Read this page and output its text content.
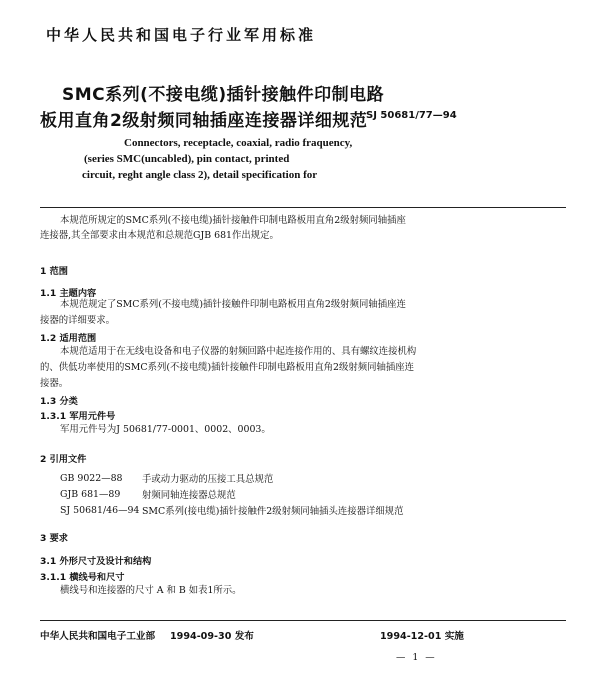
中华人民共和国电子行业军用标准
SMC系列(不接电缆)插针接触件印制电路
板用直角2级射频同轴插座连接器详细规范
SJ 50681/77—94
Connectors, receptacle, coaxial, radio fraquency,
(series SMC(uncabled), pin contact, printed
circuit, reght angle class 2), detail specification for
本规范所规定的SMC系列(不接电缆)插针接触件印制电路板用直角2级射频同轴插座
连接器,其全部要求由本规范和总规范GJB 681作出规定。
1 范围
1.1 主题内容
本规范规定了SMC系列(不接电缆)插针接触件印制电路板用直角2级射频同轴插座连
接器的详细要求。
1.2 适用范围
本规范适用于在无线电设备和电子仪器的射频回路中起连接作用的、具有螺纹连接机构
的、供低功率使用的SMC系列(不接电缆)插针接触件印制电路板用直角2级射频同轴插座连
接器。
1.3 分类
1.3.1 军用元件号
军用元件号为J 50681/77-0001、0002、0003。
2 引用文件
GB 9022—88 手或动力驱动的压接工具总规范
GJB 681—89 射频同轴连接器总规范
SJ 50681/46—94 SMC系列(接电缆)插针接触件2级射频同轴插头连接器详细规范
3 要求
3.1 外形尺寸及设计和结构
3.1.1 横线号和尺寸
横线号和连接器的尺寸 A 和 B 如表1所示。
中华人民共和国电子工业部 1994-09-30 发布	1994-12-01 实施
— 1 —
